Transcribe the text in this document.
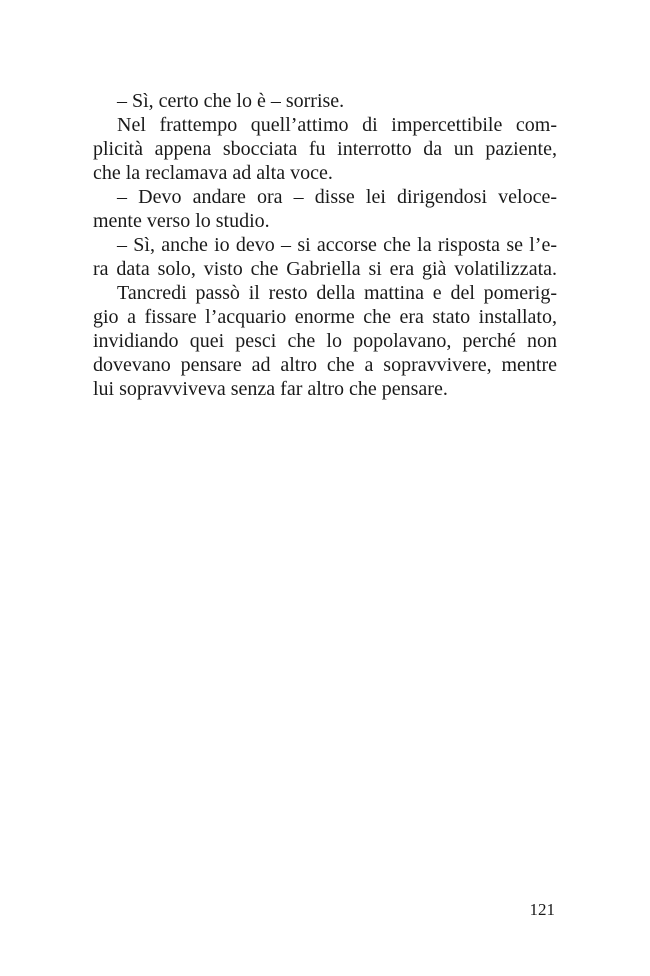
– Sì, certo che lo è – sorrise.
Nel frattempo quell’attimo di impercettibile com-
plicità appena sbocciata fu interrotto da un paziente,
che la reclamava ad alta voce.
– Devo andare ora – disse lei dirigendosi veloce-
mente verso lo studio.
– Sì, anche io devo – si accorse che la risposta se l’e-
ra data solo, visto che Gabriella si era già volatilizzata.
Tancredi passò il resto della mattina e del pomerig-
gio a fissare l’acquario enorme che era stato installato,
invidiando quei pesci che lo popolavano, perché non
dovevano pensare ad altro che a sopravvivere, mentre
lui sopravviveva senza far altro che pensare.
121
